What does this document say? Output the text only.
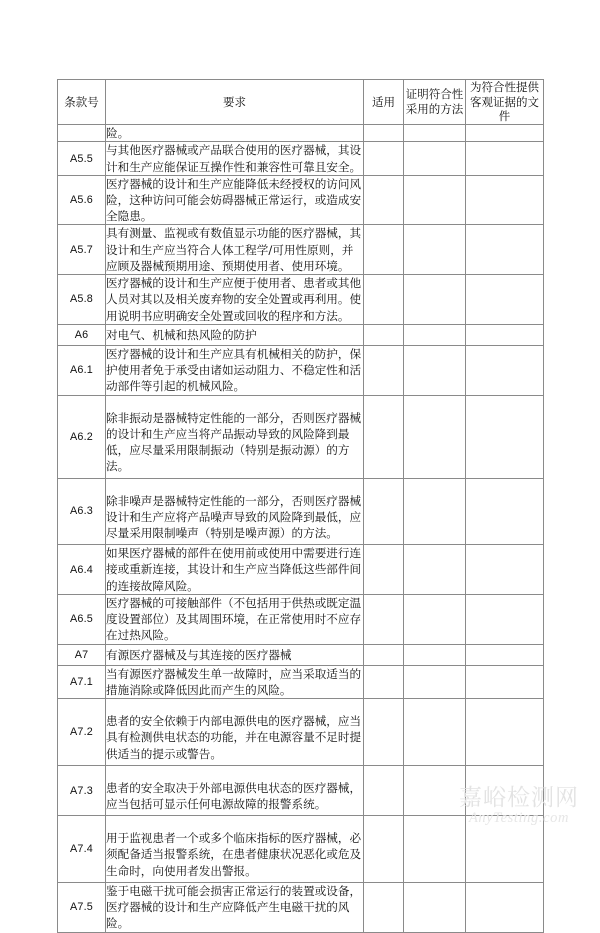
条款号	要求	适用	证明符合性采用的方法	为符合性提供客观证据的文件
	险。			
A5.5	与其他医疗器械或产品联合使用的医疗器械，其设计和生产应能保证互操作性和兼容性可靠且安全。			
A5.6	医疗器械的设计和生产应能降低未经授权的访问风险，这种访问可能会妨碍器械正常运行，或造成安全隐患。			
A5.7	具有测量、监视或有数值显示功能的医疗器械，其设计和生产应当符合人体工程学/可用性原则，并应顾及器械预期用途、预期使用者、使用环境。			
A5.8	医疗器械的设计和生产应便于使用者、患者或其他人员对其以及相关废弃物的安全处置或再利用。使用说明书应明确安全处置或回收的程序和方法。			
A6	对电气、机械和热风险的防护			
A6.1	医疗器械的设计和生产应具有机械相关的防护，保护使用者免于承受由诸如运动阻力、不稳定性和活动部件等引起的机械风险。			
A6.2	除非振动是器械特定性能的一部分，否则医疗器械的设计和生产应当将产品振动导致的风险降到最低，应尽量采用限制振动（特别是振动源）的方法。			
A6.3	除非噪声是器械特定性能的一部分，否则医疗器械设计和生产应将产品噪声导致的风险降到最低，应尽量采用限制噪声（特别是噪声源）的方法。			
A6.4	如果医疗器械的部件在使用前或使用中需要进行连接或重新连接，其设计和生产应当降低这些部件间的连接故障风险。			
A6.5	医疗器械的可接触部件（不包括用于供热或既定温度设置部位）及其周围环境，在正常使用时不应存在过热风险。			
A7	有源医疗器械及与其连接的医疗器械			
A7.1	当有源医疗器械发生单一故障时，应当采取适当的措施消除或降低因此而产生的风险。			
A7.2	患者的安全依赖于内部电源供电的医疗器械，应当具有检测供电状态的功能，并在电源容量不足时提供适当的提示或警告。			
A7.3	患者的安全取决于外部电源供电状态的医疗器械，应当包括可显示任何电源故障的报警系统。			
A7.4	用于监视患者一个或多个临床指标的医疗器械，必须配备适当报警系统，在患者健康状况恶化或危及生命时，向使用者发出警报。			
A7.5	鉴于电磁干扰可能会损害正常运行的装置或设备，医疗器械的设计和生产应降低产生电磁干扰的风险。			
嘉峪检测网
AnyTesting.com
